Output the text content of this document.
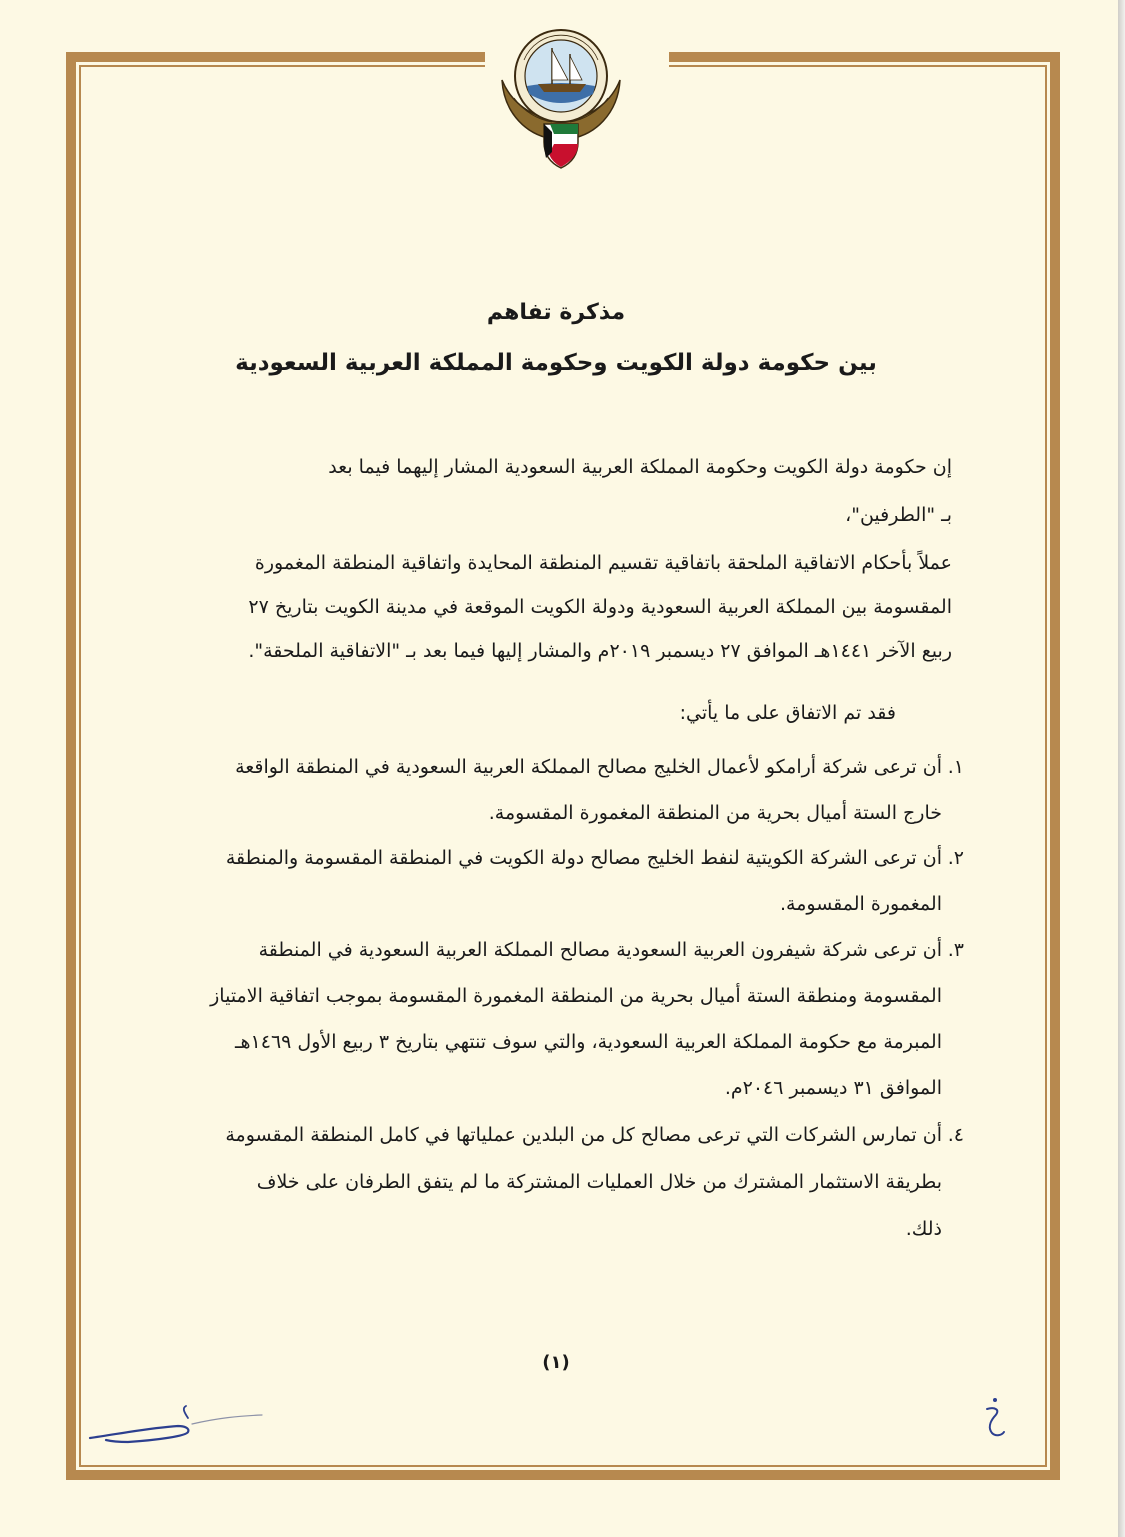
مذكرة تفاهم
بين حكومة دولة الكويت وحكومة المملكة العربية السعودية
إن حكومة دولة الكويت وحكومة المملكة العربية السعودية المشار إليهما فيما بعد
بـ "الطرفين"،
عملاً بأحكام الاتفاقية الملحقة باتفاقية تقسيم المنطقة المحايدة واتفاقية المنطقة المغمورة
المقسومة بين المملكة العربية السعودية ودولة الكويت الموقعة في مدينة الكويت بتاريخ ٢٧
ربيع الآخر ١٤٤١هـ الموافق ٢٧ ديسمبر ٢٠١٩م والمشار إليها فيما بعد بـ "الاتفاقية الملحقة".
فقد تم الاتفاق على ما يأتي:
١.
أن ترعى شركة أرامكو لأعمال الخليج مصالح المملكة العربية السعودية في المنطقة الواقعة
خارج الستة أميال بحرية من المنطقة المغمورة المقسومة.
٢.
أن ترعى الشركة الكويتية لنفط الخليج مصالح دولة الكويت في المنطقة المقسومة والمنطقة
المغمورة المقسومة.
٣.
أن ترعى شركة شيفرون العربية السعودية مصالح المملكة العربية السعودية في المنطقة
المقسومة ومنطقة الستة أميال بحرية من المنطقة المغمورة المقسومة بموجب اتفاقية الامتياز
المبرمة مع حكومة المملكة العربية السعودية، والتي سوف تنتهي بتاريخ ٣ ربيع الأول ١٤٦٩هـ
الموافق ٣١ ديسمبر ٢٠٤٦م.
٤.
أن تمارس الشركات التي ترعى مصالح كل من البلدين عملياتها في كامل المنطقة المقسومة
بطريقة الاستثمار المشترك من خلال العمليات المشتركة ما لم يتفق الطرفان على خلاف
ذلك.
(١)
